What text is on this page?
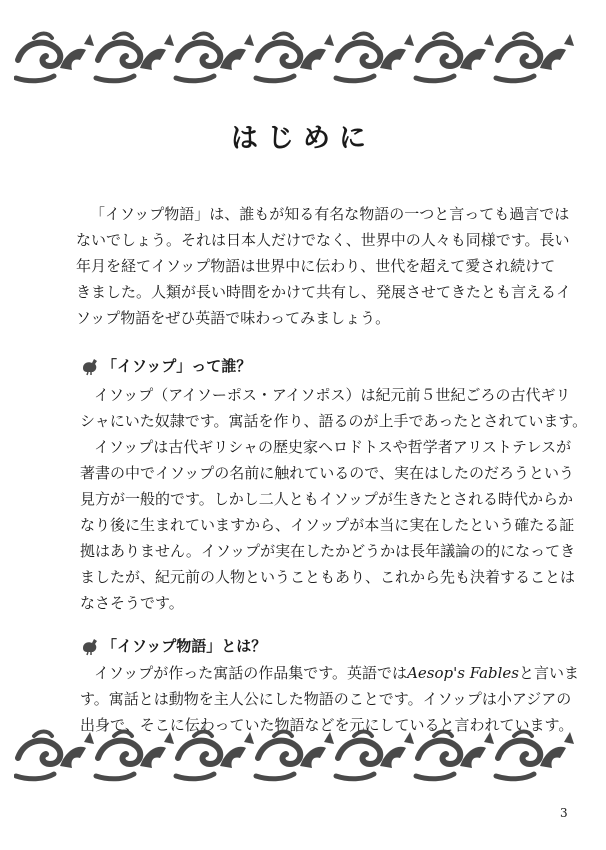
はじめに
「イソップ物語」は、誰もが知る有名な物語の一つと言っても過言では
ないでしょう。それは日本人だけでなく、世界中の人々も同様です。長い
年月を経てイソップ物語は世界中に伝わり、世代を超えて愛され続けて
きました。人類が長い時間をかけて共有し、発展させてきたとも言えるイ
ソップ物語をぜひ英語で味わってみましょう。
「イソップ」って誰？
イソップ（アイソーポス・アイソポス）は紀元前５世紀ごろの古代ギリ
シャにいた奴隷です。寓話を作り、語るのが上手であったとされています。
イソップは古代ギリシャの歴史家ヘロドトスや哲学者アリストテレスが
著書の中でイソップの名前に触れているので、実在はしたのだろうという
見方が一般的です。しかし二人ともイソップが生きたとされる時代からか
なり後に生まれていますから、イソップが本当に実在したという確たる証
拠はありません。イソップが実在したかどうかは長年議論の的になってき
ましたが、紀元前の人物ということもあり、これから先も決着することは
なさそうです。
「イソップ物語」とは？
イソップが作った寓話の作品集です。英語ではAesop's Fablesと言いま
す。寓話とは動物を主人公にした物語のことです。イソップは小アジアの
出身で、そこに伝わっていた物語などを元にしていると言われています。

3
